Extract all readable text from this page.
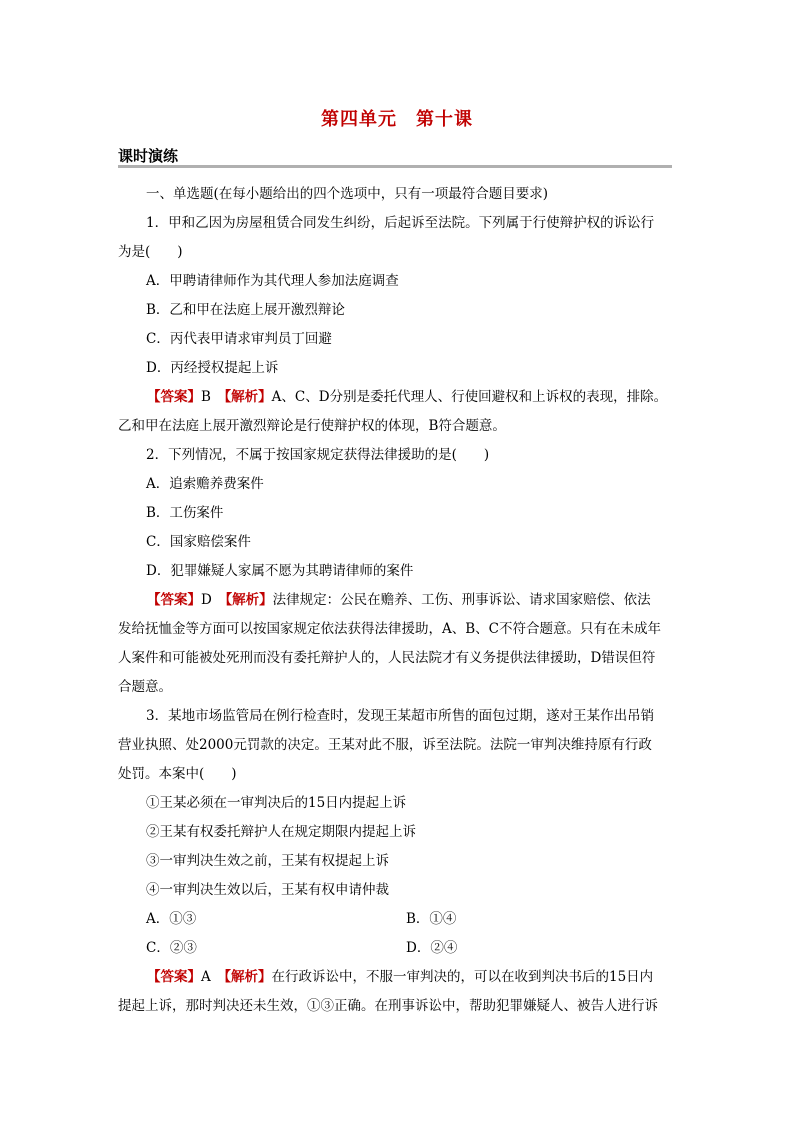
第四单元　第十课
课时演练
一、单选题(在每小题给出的四个选项中，只有一项最符合题目要求)
1．甲和乙因为房屋租赁合同发生纠纷，后起诉至法院。下列属于行使辩护权的诉讼行
为是(　　)
A．甲聘请律师作为其代理人参加法庭调查
B．乙和甲在法庭上展开激烈辩论
C．丙代表甲请求审判员丁回避
D．丙经授权提起上诉
【答案】B　【解析】A、C、D分别是委托代理人、行使回避权和上诉权的表现，排除。
乙和甲在法庭上展开激烈辩论是行使辩护权的体现，B符合题意。
2．下列情况，不属于按国家规定获得法律援助的是(　　)
A．追索赡养费案件
B．工伤案件
C．国家赔偿案件
D．犯罪嫌疑人家属不愿为其聘请律师的案件
【答案】D　【解析】法律规定：公民在赡养、工伤、刑事诉讼、请求国家赔偿、依法
发给抚恤金等方面可以按国家规定依法获得法律援助，A、B、C不符合题意。只有在未成年
人案件和可能被处死刑而没有委托辩护人的，人民法院才有义务提供法律援助，D错误但符
合题意。
3．某地市场监管局在例行检查时，发现王某超市所售的面包过期，遂对王某作出吊销
营业执照、处2000元罚款的决定。王某对此不服，诉至法院。法院一审判决维持原有行政
处罚。本案中(　　)
①王某必须在一审判决后的15日内提起上诉
②王某有权委托辩护人在规定期限内提起上诉
③一审判决生效之前，王某有权提起上诉
④一审判决生效以后，王某有权申请仲裁
A．①③	B．①④
C．②③	D．②④
【答案】A　【解析】在行政诉讼中，不服一审判决的，可以在收到判决书后的15日内
提起上诉，那时判决还未生效，①③正确。在刑事诉讼中，帮助犯罪嫌疑人、被告人进行诉
